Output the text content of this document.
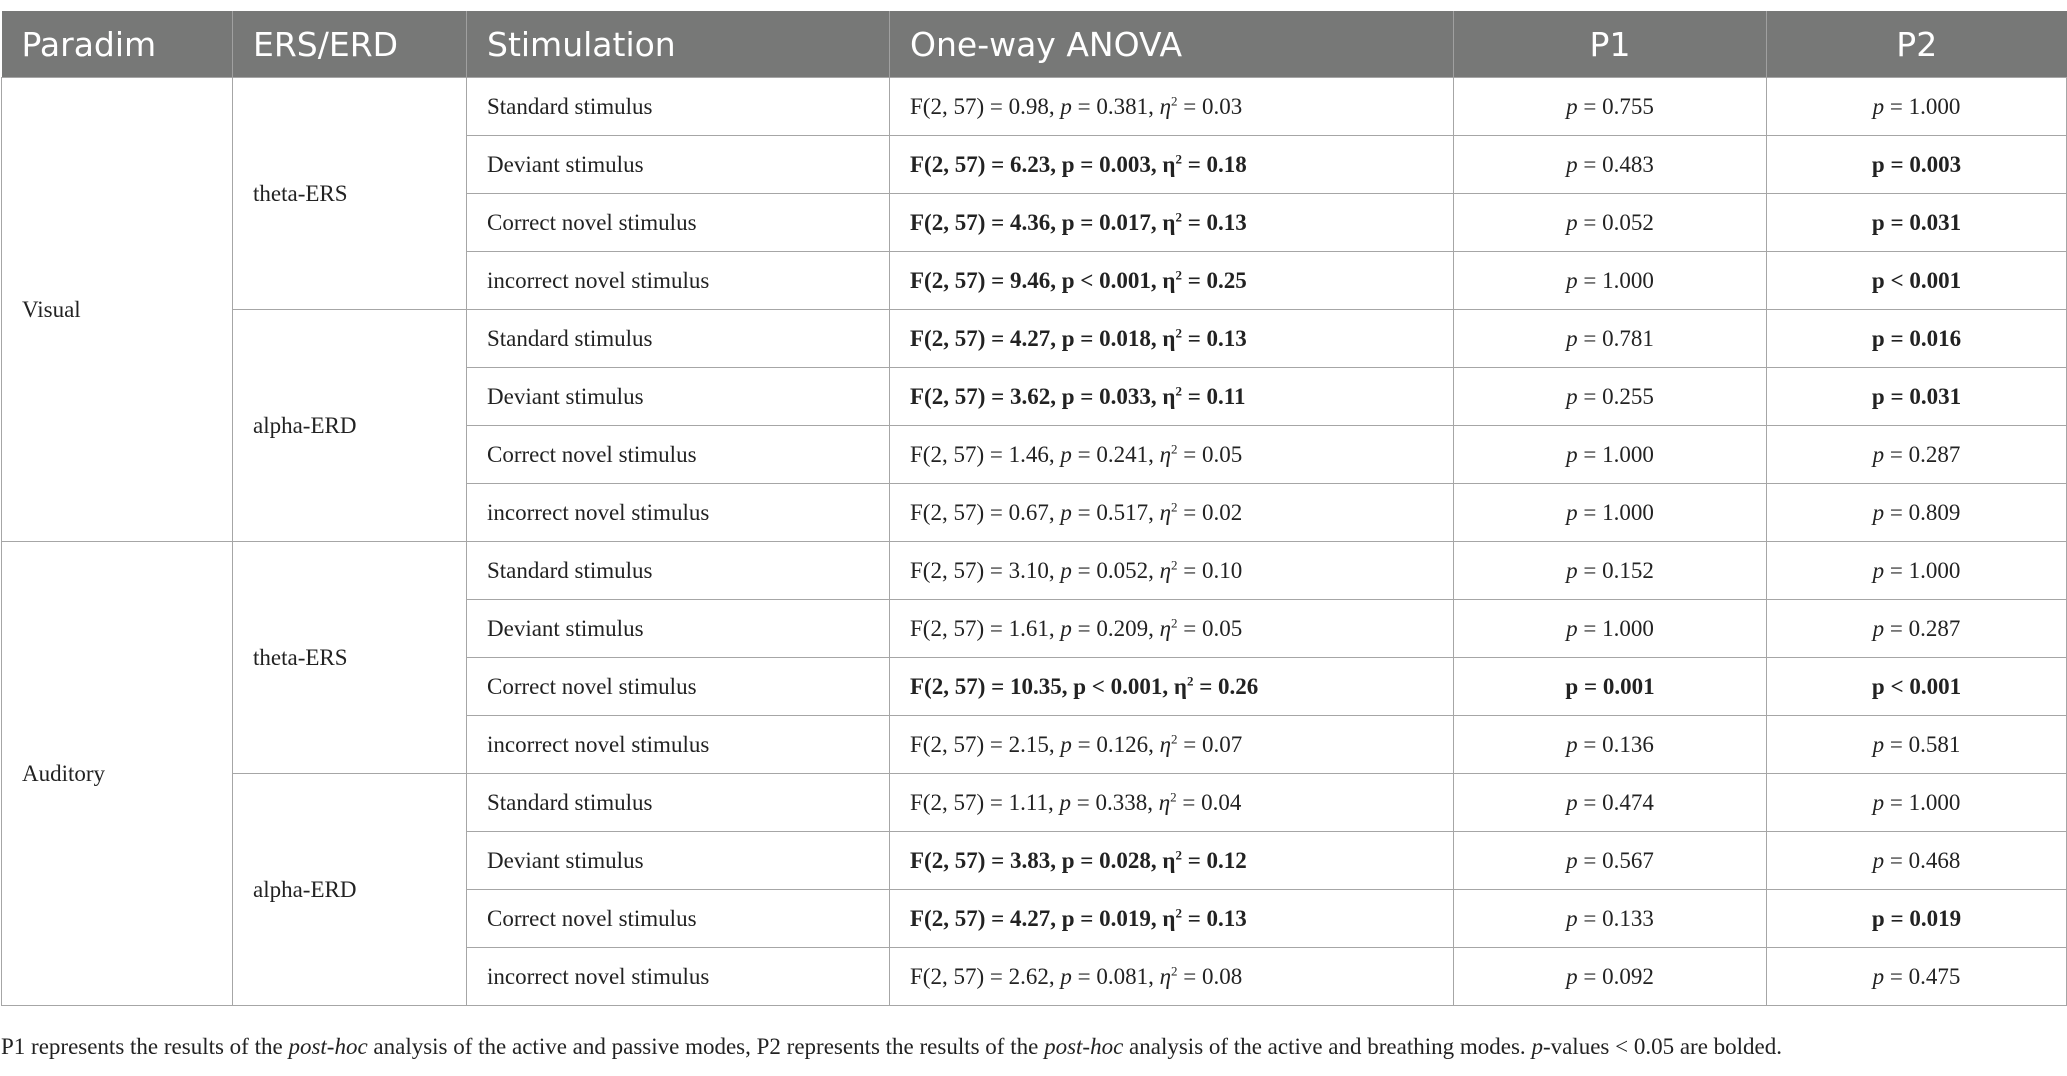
Paradim	ERS/ERD	Stimulation	One-way ANOVA	P1	P2
Visual	theta-ERS	Standard stimulus	F(2, 57) = 0.98, p = 0.381, $\eta^2 = 0.03$	p = 0.755	p = 1.000
		Deviant stimulus	F(2, 57) = 6.23, p = 0.003, $\eta^2 = 0.18$	p = 0.483	p = 0.003
		Correct novel stimulus	F(2, 57) = 4.36, p = 0.017, $\eta^2 = 0.13$	p = 0.052	p = 0.031
		incorrect novel stimulus	F(2, 57) = 9.46, p < 0.001, $\eta^2 = 0.25$	p = 1.000	p < 0.001
	alpha-ERD	Standard stimulus	F(2, 57) = 4.27, p = 0.018, $\eta^2 = 0.13$	p = 0.781	p = 0.016
		Deviant stimulus	F(2, 57) = 3.62, p = 0.033, $\eta^2 = 0.11$	p = 0.255	p = 0.031
		Correct novel stimulus	F(2, 57) = 1.46, p = 0.241, $\eta^2 = 0.05$	p = 1.000	p = 0.287
		incorrect novel stimulus	F(2, 57) = 0.67, p = 0.517, $\eta^2 = 0.02$	p = 1.000	p = 0.809
Auditory	theta-ERS	Standard stimulus	F(2, 57) = 3.10, p = 0.052, $\eta^2 = 0.10$	p = 0.152	p = 1.000
		Deviant stimulus	F(2, 57) = 1.61, p = 0.209, $\eta^2 = 0.05$	p = 1.000	p = 0.287
		Correct novel stimulus	F(2, 57) = 10.35, p < 0.001, $\eta^2 = 0.26$	p = 0.001	p < 0.001
		incorrect novel stimulus	F(2, 57) = 2.15, p = 0.126, $\eta^2 = 0.07$	p = 0.136	p = 0.581
	alpha-ERD	Standard stimulus	F(2, 57) = 1.11, p = 0.338, $\eta^2 = 0.04$	p = 0.474	p = 1.000
		Deviant stimulus	F(2, 57) = 3.83, p = 0.028, $\eta^2 = 0.12$	p = 0.567	p = 0.468
		Correct novel stimulus	F(2, 57) = 4.27, p = 0.019, $\eta^2 = 0.13$	p = 0.133	p = 0.019
		incorrect novel stimulus	F(2, 57) = 2.62, p = 0.081, $\eta^2 = 0.08$	p = 0.092	p = 0.475
P1 represents the results of the post-hoc analysis of the active and passive modes, P2 represents the results of the post-hoc analysis of the active and breathing modes. p-values < 0.05 are bolded.
